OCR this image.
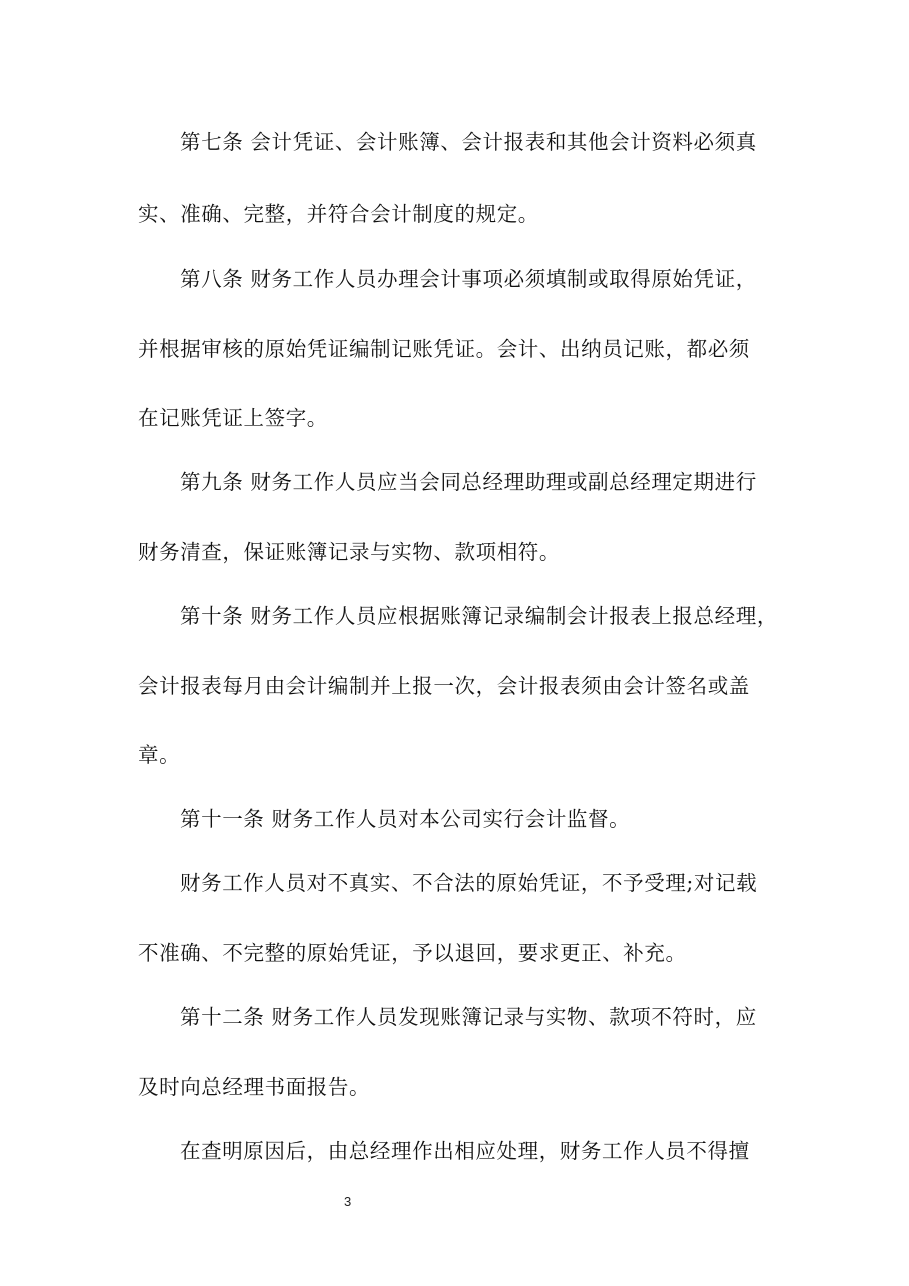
第七条 会计凭证、会计账簿、会计报表和其他会计资料必须真
实、准确、完整，并符合会计制度的规定。
第八条 财务工作人员办理会计事项必须填制或取得原始凭证，
并根据审核的原始凭证编制记账凭证。会计、出纳员记账，都必须
在记账凭证上签字。
第九条 财务工作人员应当会同总经理助理或副总经理定期进行
财务清查，保证账簿记录与实物、款项相符。
第十条 财务工作人员应根据账簿记录编制会计报表上报总经理，
会计报表每月由会计编制并上报一次，会计报表须由会计签名或盖
章。
第十一条 财务工作人员对本公司实行会计监督。
财务工作人员对不真实、不合法的原始凭证，不予受理;对记载
不准确、不完整的原始凭证，予以退回，要求更正、补充。
第十二条 财务工作人员发现账簿记录与实物、款项不符时，应
及时向总经理书面报告。
在查明原因后，由总经理作出相应处理，财务工作人员不得擅
3
